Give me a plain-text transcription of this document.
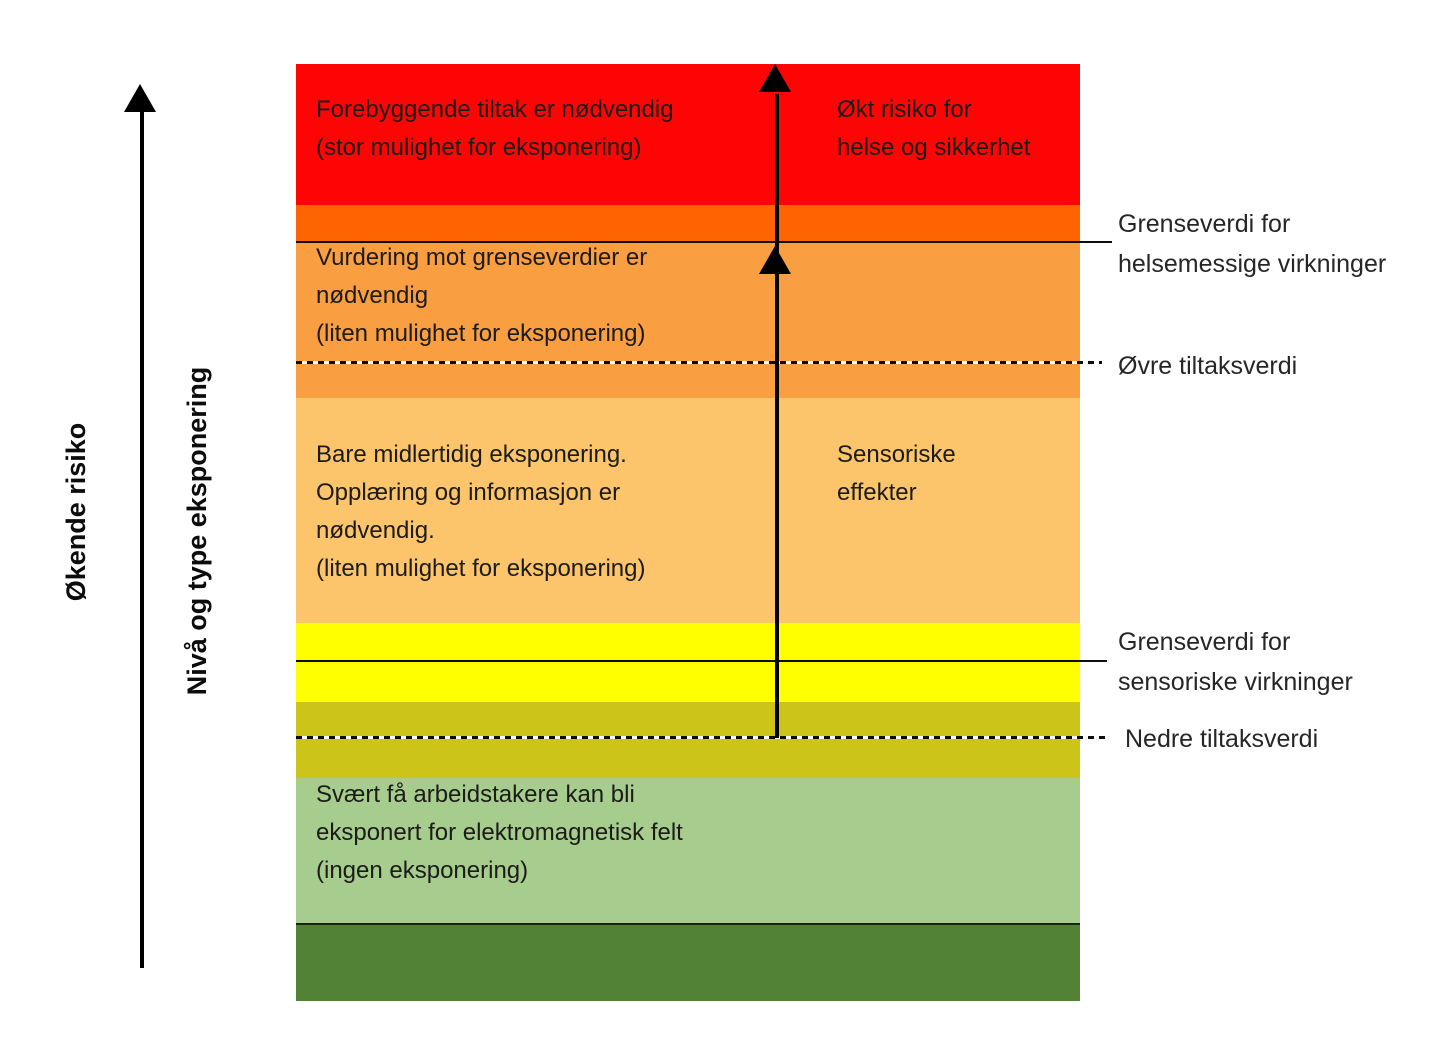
Økende risiko	Nivå og type eksponering
Forebyggende tiltak er nødvendig
(stor mulighet for eksponering)
Økt risiko for
helse og sikkerhet
Vurdering mot grenseverdier er
nødvendig
(liten mulighet for eksponering)
Bare midlertidig eksponering.
Opplæring og informasjon er
nødvendig.
(liten mulighet for eksponering)
Sensoriske
effekter
Svært få arbeidstakere kan bli
eksponert for elektromagnetisk felt
(ingen eksponering)
Grenseverdi for
helsemessige virkninger
Øvre tiltaksverdi
Grenseverdi for
sensoriske virkninger
Nedre tiltaksverdi
